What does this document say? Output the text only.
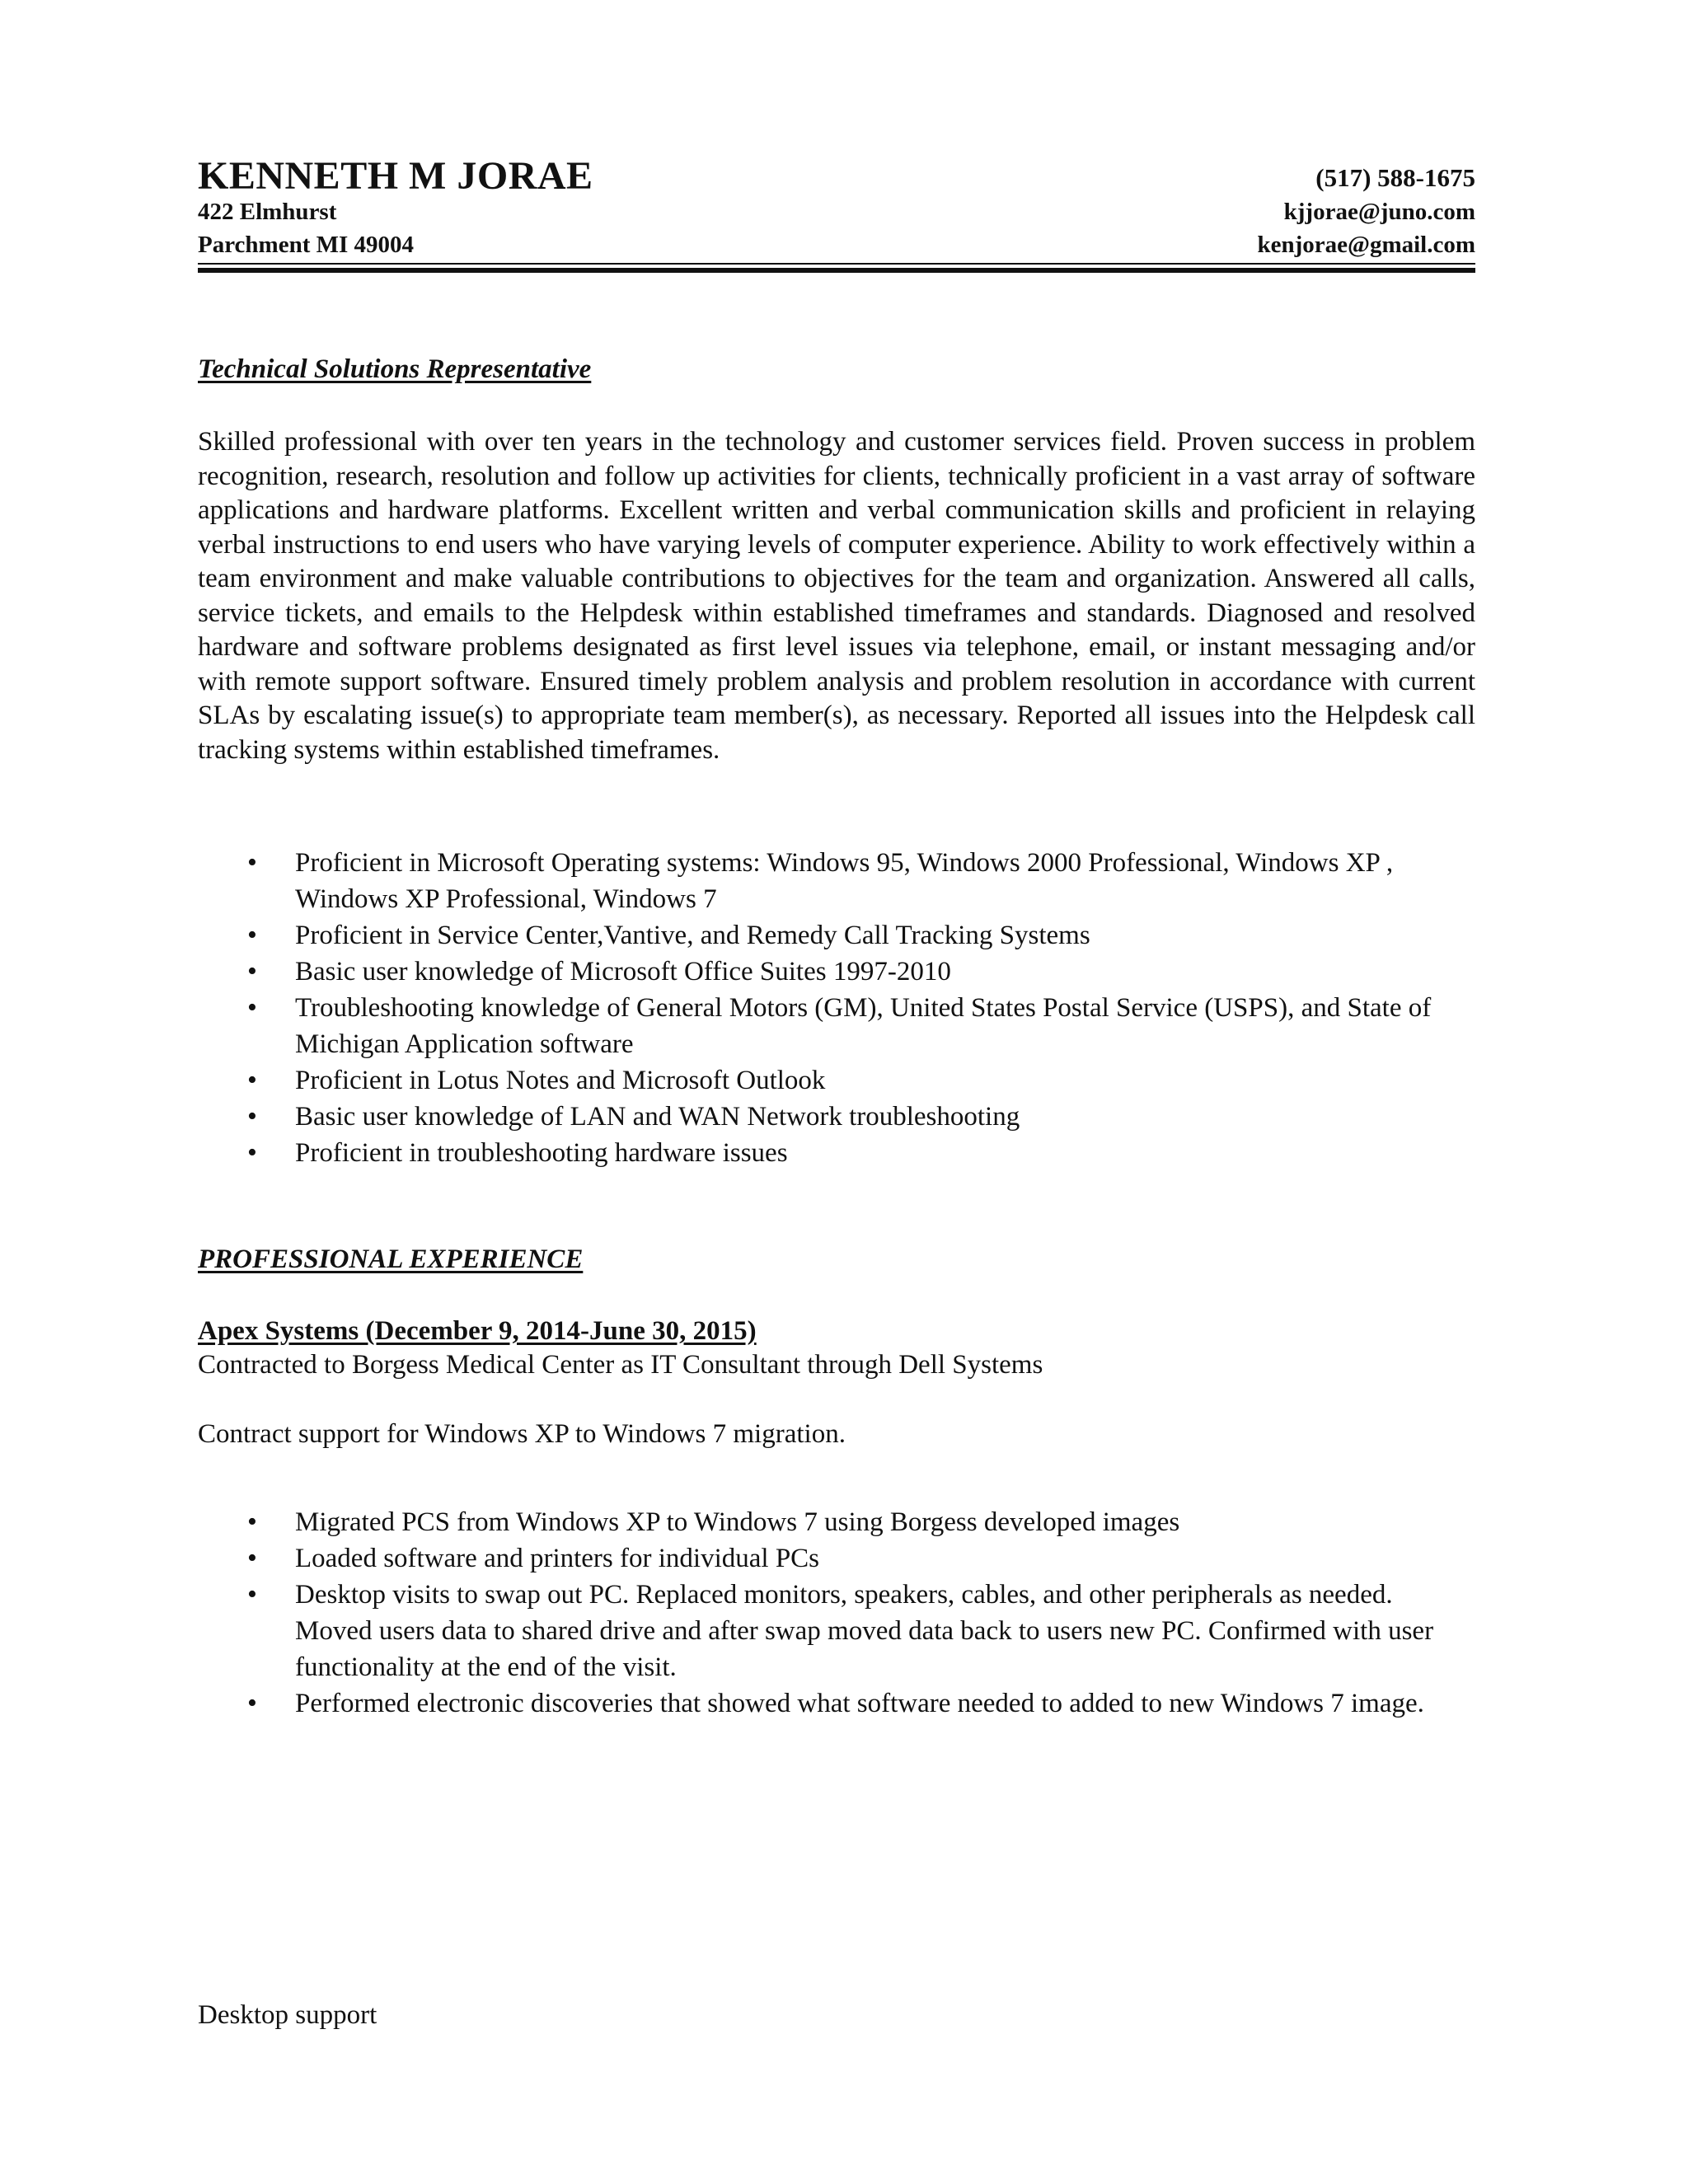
KENNETH M JORAE	(517) 588-1675
422 Elmhurst	kjjorae@juno.com
Parchment MI 49004	kenjorae@gmail.com
Technical Solutions Representative

Skilled professional with over ten years in the technology and customer services field. Proven success in problem recognition, research, resolution and follow up activities for clients, technically proficient in a vast array of software applications and hardware platforms. Excellent written and verbal communication skills and proficient in relaying verbal instructions to end users who have varying levels of computer experience. Ability to work effectively within a team environment and make valuable contributions to objectives for the team and organization. Answered all calls, service tickets, and emails to the Helpdesk within established timeframes and standards. Diagnosed and resolved hardware and software problems designated as first level issues via telephone, email, or instant messaging and/or with remote support software. Ensured timely problem analysis and problem resolution in accordance with current SLAs by escalating issue(s) to appropriate team member(s), as necessary. Reported all issues into the Helpdesk call tracking systems within established timeframes.

• Proficient in Microsoft Operating systems: Windows 95, Windows 2000 Professional, Windows XP , Windows XP Professional, Windows 7
• Proficient in Service Center,Vantive, and Remedy Call Tracking Systems
• Basic user knowledge of Microsoft Office Suites 1997-2010
• Troubleshooting knowledge of General Motors (GM), United States Postal Service (USPS), and State of Michigan Application software
• Proficient in Lotus Notes and Microsoft Outlook
• Basic user knowledge of LAN and WAN Network troubleshooting
• Proficient in troubleshooting hardware issues
PROFESSIONAL EXPERIENCE
Apex Systems (December 9, 2014-June 30, 2015)
Contracted to Borgess Medical Center as IT Consultant through Dell Systems
Contract support for Windows XP to Windows 7 migration.
• Migrated PCS from Windows XP to Windows 7 using Borgess developed images
• Loaded software and printers for individual PCs
• Desktop visits to swap out PC. Replaced monitors, speakers, cables, and other peripherals as needed. Moved users data to shared drive and after swap moved data back to users new PC. Confirmed with user functionality at the end of the visit.
• Performed electronic discoveries that showed what software needed to added to new Windows 7 image.
Desktop support
